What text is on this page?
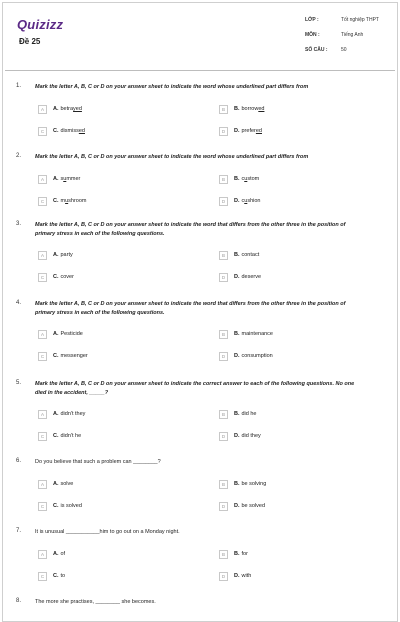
Quizizz
Đề 25
LỚP :	Tốt nghiệp THPT
MÔN :	Tiếng Anh
SỐ CÂU :	50
1.	Mark the letter A, B, C or D on your answer sheet to indicate the word whose underlined part differs from
A	A. betrayed	B	B. borrowed
C	C. dismissed	D	D. prefered
2.	Mark the letter A, B, C or D on your answer sheet to indicate the word whose underlined part differs from
A	A. summer	B	B. custom
C	C. mushroom	D	D. cushion
3.	Mark the letter A, B, C or D on your answer sheet to indicate the word that differs from the other three in the position of primary stress in each of the following questions.
A	A. party	B	B. contact
C	C. cover	D	D. deserve
4.	Mark the letter A, B, C or D on your answer sheet to indicate the word that differs from the other three in the position of primary stress in each of the following questions.
A	A. Pesticide	B	B. maintenance
C	C. messenger	D	D. consumption
5.	Mark the letter A, B, C or D on your answer sheet to indicate the correct answer to each of the following questions. No one died in the accident, _____?
A	A. didn't they	B	B. did he
C	C. didn't he	D	D. did they
6.	Do you believe that such a problem can ________?
A	A. solve	B	B. be solving
C	C. is solved	D	D. be solved
7.	It is unusual ___________him to go out on a Monday night.
A	A. of	B	B. for
C	C. to	D	D. with
8.	The more she practises, ________ she becomes.
